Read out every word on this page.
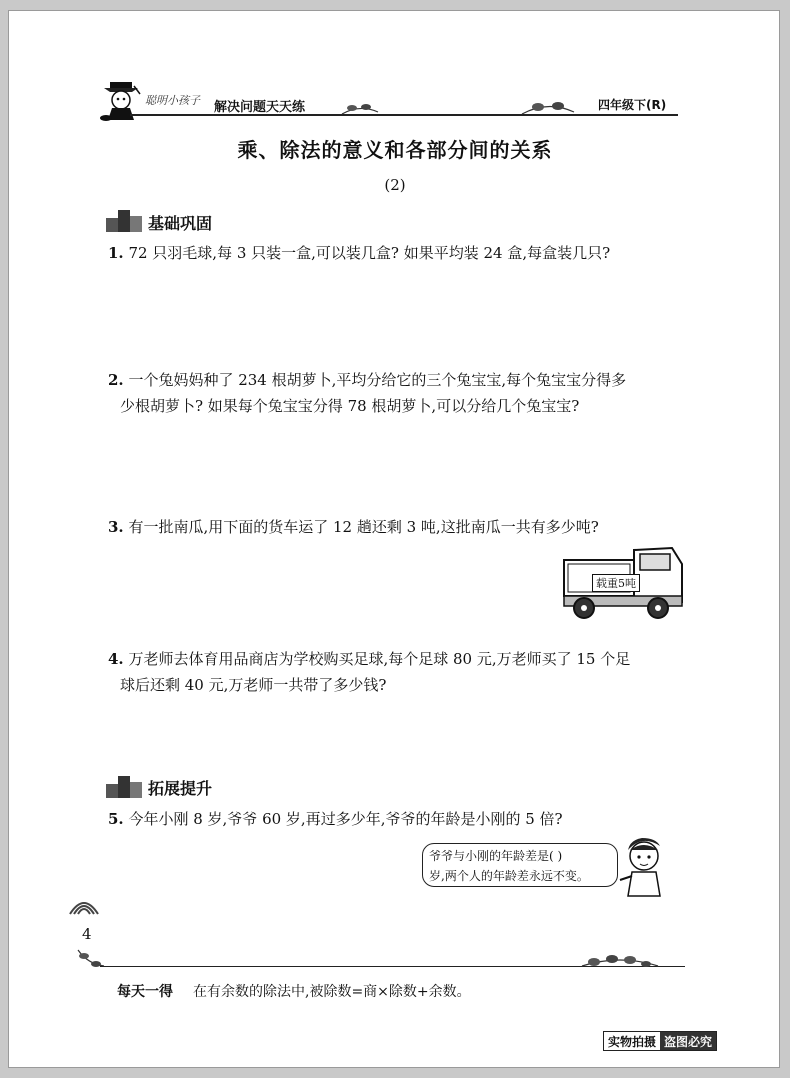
聪明小孩子 解决问题天天练	四年级下(R)
乘、除法的意义和各部分间的关系
(2)
基础巩固
1. 72 只羽毛球,每 3 只装一盒,可以装几盒? 如果平均装 24 盒,每盒装几只?
2. 一个兔妈妈种了 234 根胡萝卜,平均分给它的三个兔宝宝,每个兔宝宝分得多
少根胡萝卜? 如果每个兔宝宝分得 78 根胡萝卜,可以分给几个兔宝宝?
3. 有一批南瓜,用下面的货车运了 12 趟还剩 3 吨,这批南瓜一共有多少吨?
载重5吨
4. 万老师去体育用品商店为学校购买足球,每个足球 80 元,万老师买了 15 个足
球后还剩 40 元,万老师一共带了多少钱?
拓展提升
5. 今年小刚 8 岁,爷爷 60 岁,再过多少年,爷爷的年龄是小刚的 5 倍?
爷爷与小刚的年龄差是( )
岁,两个人的年龄差永远不变。
4
每天一得 在有余数的除法中,被除数=商×除数+余数。
实物拍摄 盗图必究
